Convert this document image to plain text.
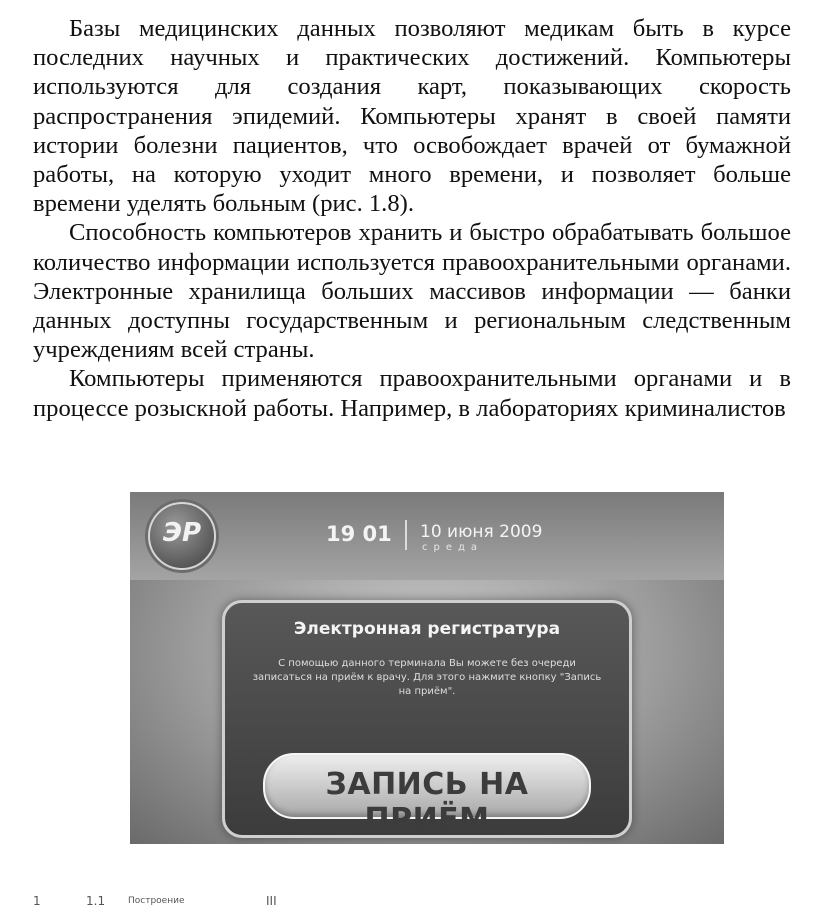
Базы медицинских данных позволяют медикам быть в курсе последних научных и практических достижений. Компьютеры используются для создания карт, показывающих скорость распространения эпидемий. Компьютеры хранят в своей памяти истории болезни пациентов, что освобождает врачей от бумажной работы, на которую уходит много времени, и позволяет больше времени уделять больным (рис. 1.8).

Способность компьютеров хранить и быстро обрабатывать большое количество информации используется правоохранительными органами. Электронные хранилища больших массивов информации — банки данных доступны государственным и региональным следственным учреждениям всей страны.

Компьютеры применяются правоохранительными органами и в процессе розыскной работы. Например, в лабораториях криминалистов

ЭР	19 01 10 июня 2009
среда
Электронная регистратура
С помощью данного терминала Вы можете без очереди записаться на приём к врачу. Для этого нажмите кнопку "Запись на приём".
ЗАПИСЬ НА ПРИЁМ
1	1.1	Построение	III
